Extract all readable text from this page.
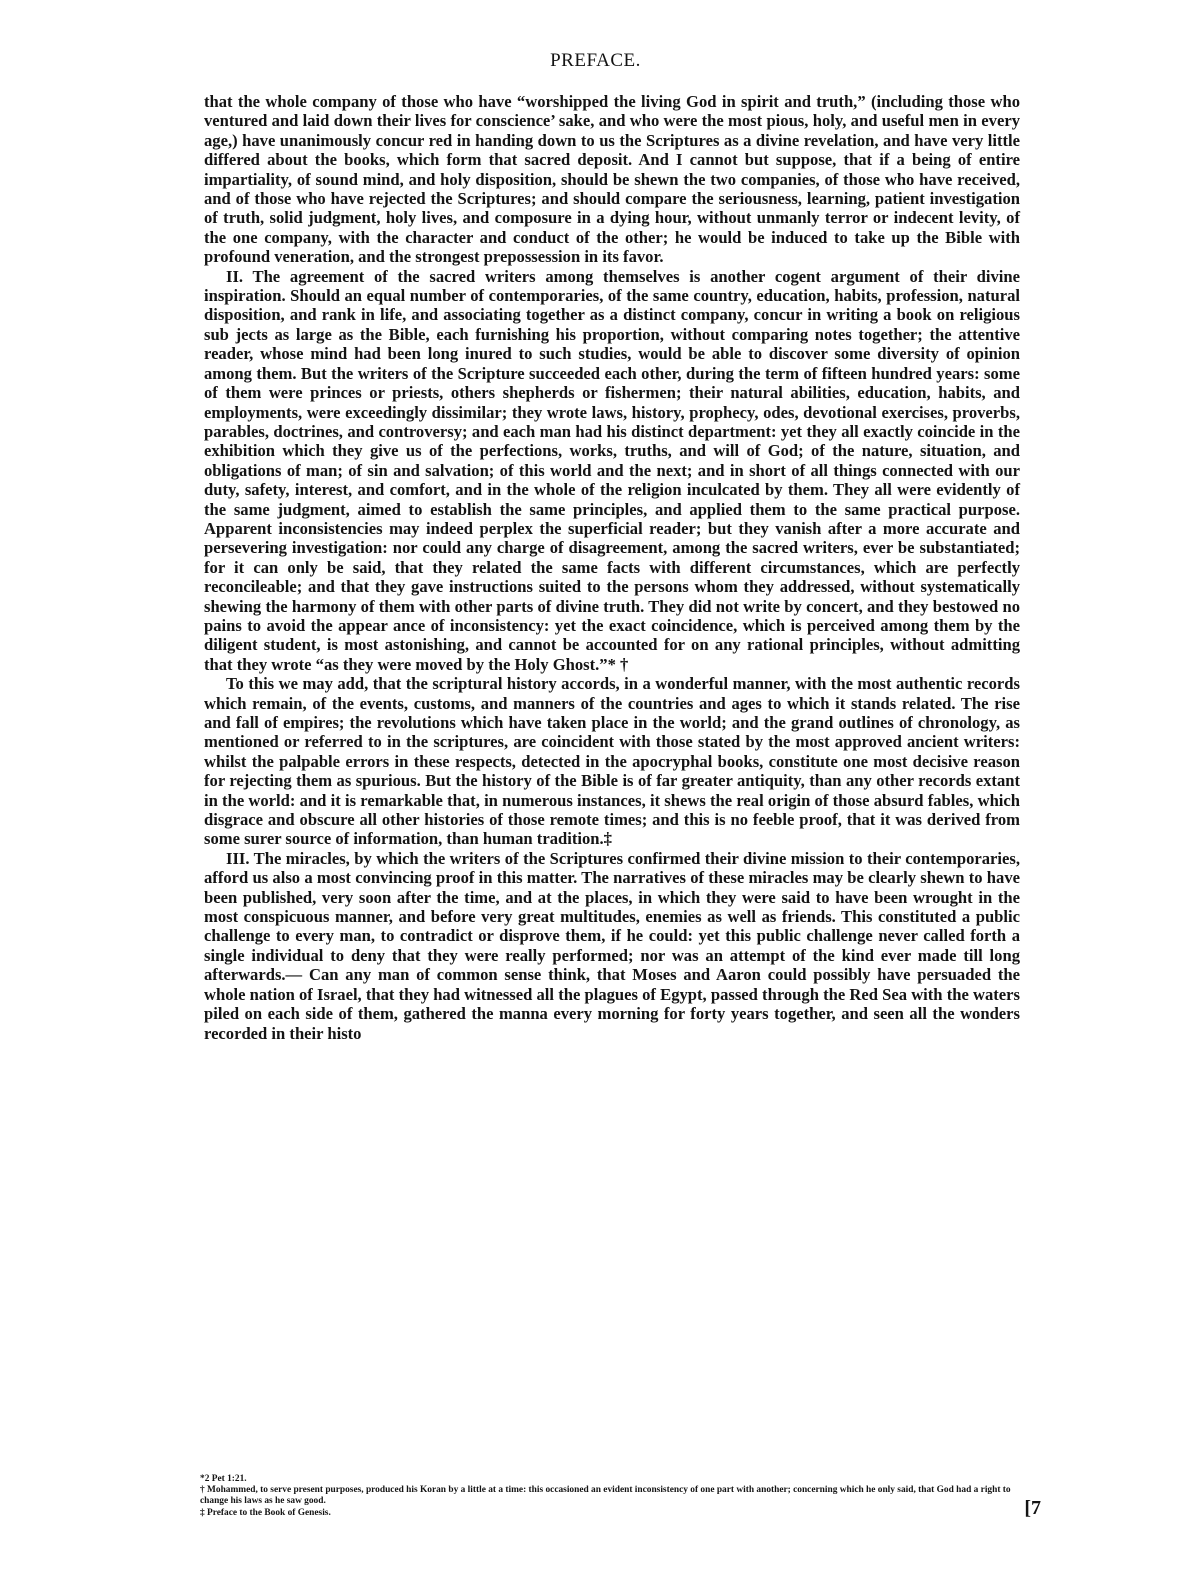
PREFACE.

that the whole company of those who have “worshipped the living God in spirit and truth,” (including those who ventured and laid down their lives for conscience’ sake, and who were the most pious, holy, and useful men in every age,) have unanimously concur red in handing down to us the Scriptures as a divine revelation, and have very little differed about the books, which form that sacred deposit. And I cannot but suppose, that if a being of entire impartiality, of sound mind, and holy disposition, should be shewn the two companies, of those who have received, and of those who have rejected the Scriptures; and should compare the seriousness, learning, patient investigation of truth, solid judgment, holy lives, and composure in a dying hour, without unmanly terror or indecent levity, of the one company, with the character and conduct of the other; he would be induced to take up the Bible with profound veneration, and the strongest prepossession in its favor.

II. The agreement of the sacred writers among themselves is another cogent argument of their divine inspiration. Should an equal number of contemporaries, of the same country, education, habits, profession, natural disposition, and rank in life, and associating together as a distinct company, concur in writing a book on religious sub jects as large as the Bible, each furnishing his proportion, without comparing notes together; the attentive reader, whose mind had been long inured to such studies, would be able to discover some diversity of opinion among them. But the writers of the Scripture succeeded each other, during the term of fifteen hundred years: some of them were princes or priests, others shepherds or fishermen; their natural abilities, education, habits, and employments, were exceedingly dissimilar; they wrote laws, history, prophecy, odes, devotional exercises, proverbs, parables, doctrines, and controversy; and each man had his distinct department: yet they all exactly coincide in the exhibition which they give us of the perfections, works, truths, and will of God; of the nature, situation, and obligations of man; of sin and salvation; of this world and the next; and in short of all things connected with our duty, safety, interest, and comfort, and in the whole of the religion inculcated by them. They all were evidently of the same judgment, aimed to establish the same principles, and applied them to the same practical purpose. Apparent inconsistencies may indeed perplex the superficial reader; but they vanish after a more accurate and persevering investigation: nor could any charge of disagreement, among the sacred writers, ever be substantiated; for it can only be said, that they related the same facts with different circumstances, which are perfectly reconcileable; and that they gave instructions suited to the persons whom they addressed, without systematically shewing the harmony of them with other parts of divine truth. They did not write by concert, and they bestowed no pains to avoid the appear ance of inconsistency: yet the exact coincidence, which is perceived among them by the diligent student, is most astonishing, and cannot be accounted for on any rational principles, without admitting that they wrote “as they were moved by the Holy Ghost.”* †

To this we may add, that the scriptural history accords, in a wonderful manner, with the most authentic records which remain, of the events, customs, and manners of the countries and ages to which it stands related. The rise and fall of empires; the revolutions which have taken place in the world; and the grand outlines of chronology, as mentioned or referred to in the scriptures, are coincident with those stated by the most approved ancient writers: whilst the palpable errors in these respects, detected in the apocryphal books, constitute one most decisive reason for rejecting them as spurious. But the history of the Bible is of far greater antiquity, than any other records extant in the world: and it is remarkable that, in numerous instances, it shews the real origin of those absurd fables, which disgrace and obscure all other histories of those remote times; and this is no feeble proof, that it was derived from some surer source of information, than human tradition.‡

III. The miracles, by which the writers of the Scriptures confirmed their divine mission to their contemporaries, afford us also a most convincing proof in this matter. The narratives of these miracles may be clearly shewn to have been published, very soon after the time, and at the places, in which they were said to have been wrought in the most conspicuous manner, and before very great multitudes, enemies as well as friends. This constituted a public challenge to every man, to contradict or disprove them, if he could: yet this public challenge never called forth a single individual to deny that they were really performed; nor was an attempt of the kind ever made till long afterwards.— Can any man of common sense think, that Moses and Aaron could possibly have persuaded the whole nation of Israel, that they had witnessed all the plagues of Egypt, passed through the Red Sea with the waters piled on each side of them, gathered the manna every morning for forty years together, and seen all the wonders recorded in their histo

*2 Pet 1:21.
† Mohammed, to serve present purposes, produced his Koran by a little at a time: this occasioned an evident inconsistency of one part with another; concerning which he only said, that God had a right to change his laws as he saw good.
‡ Preface to the Book of Genesis.	[7
